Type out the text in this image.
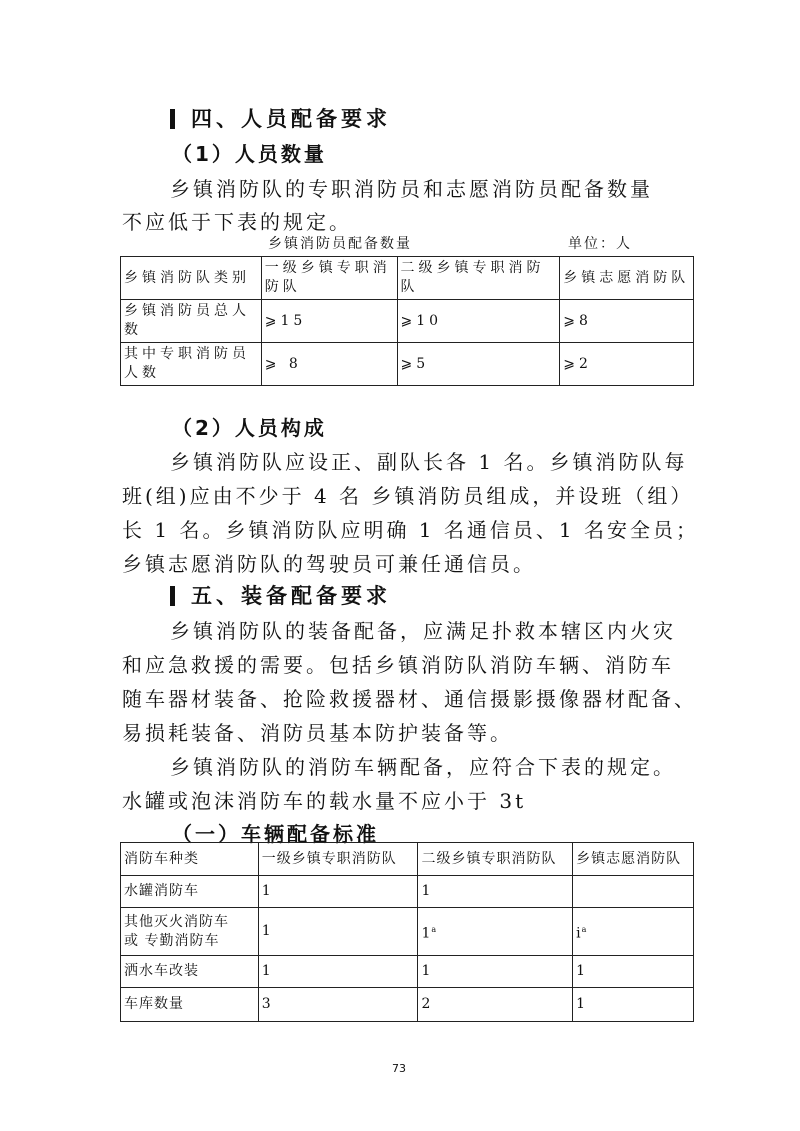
四、人员配备要求
（1）人员数量
乡镇消防队的专职消防员和志愿消防员配备数量
不应低于下表的规定。
乡镇消防员配备数量	单位：人
乡镇消防队类别	一级乡镇专职消防队	二级乡镇专职消防队	乡镇志愿消防队
乡镇消防员总人数	⩾15	⩾10	⩾8
其中专职消防员人数	⩾ 8	⩾5	⩾2
（2）人员构成
乡镇消防队应设正、副队长各 1 名。乡镇消防队每
班(组)应由不少于 4 名 乡镇消防员组成，并设班（组）
长 1 名。乡镇消防队应明确 1 名通信员、1 名安全员；
乡镇志愿消防队的驾驶员可兼任通信员。
五、装备配备要求
乡镇消防队的装备配备，应满足扑救本辖区内火灾
和应急救援的需要。包括乡镇消防队消防车辆、消防车
随车器材装备、抢险救援器材、通信摄影摄像器材配备、
易损耗装备、消防员基本防护装备等。
乡镇消防队的消防车辆配备，应符合下表的规定。
水罐或泡沫消防车的载水量不应小于 3t
（一）车辆配备标准
消防车种类	一级乡镇专职消防队	二级乡镇专职消防队	乡镇志愿消防队
水罐消防车	1	1	

其他灭火消防车
或 专勤消防车	1	1$^a$	$i^a$
洒水车改装	1	1	1
车库数量	3	2	1
73
